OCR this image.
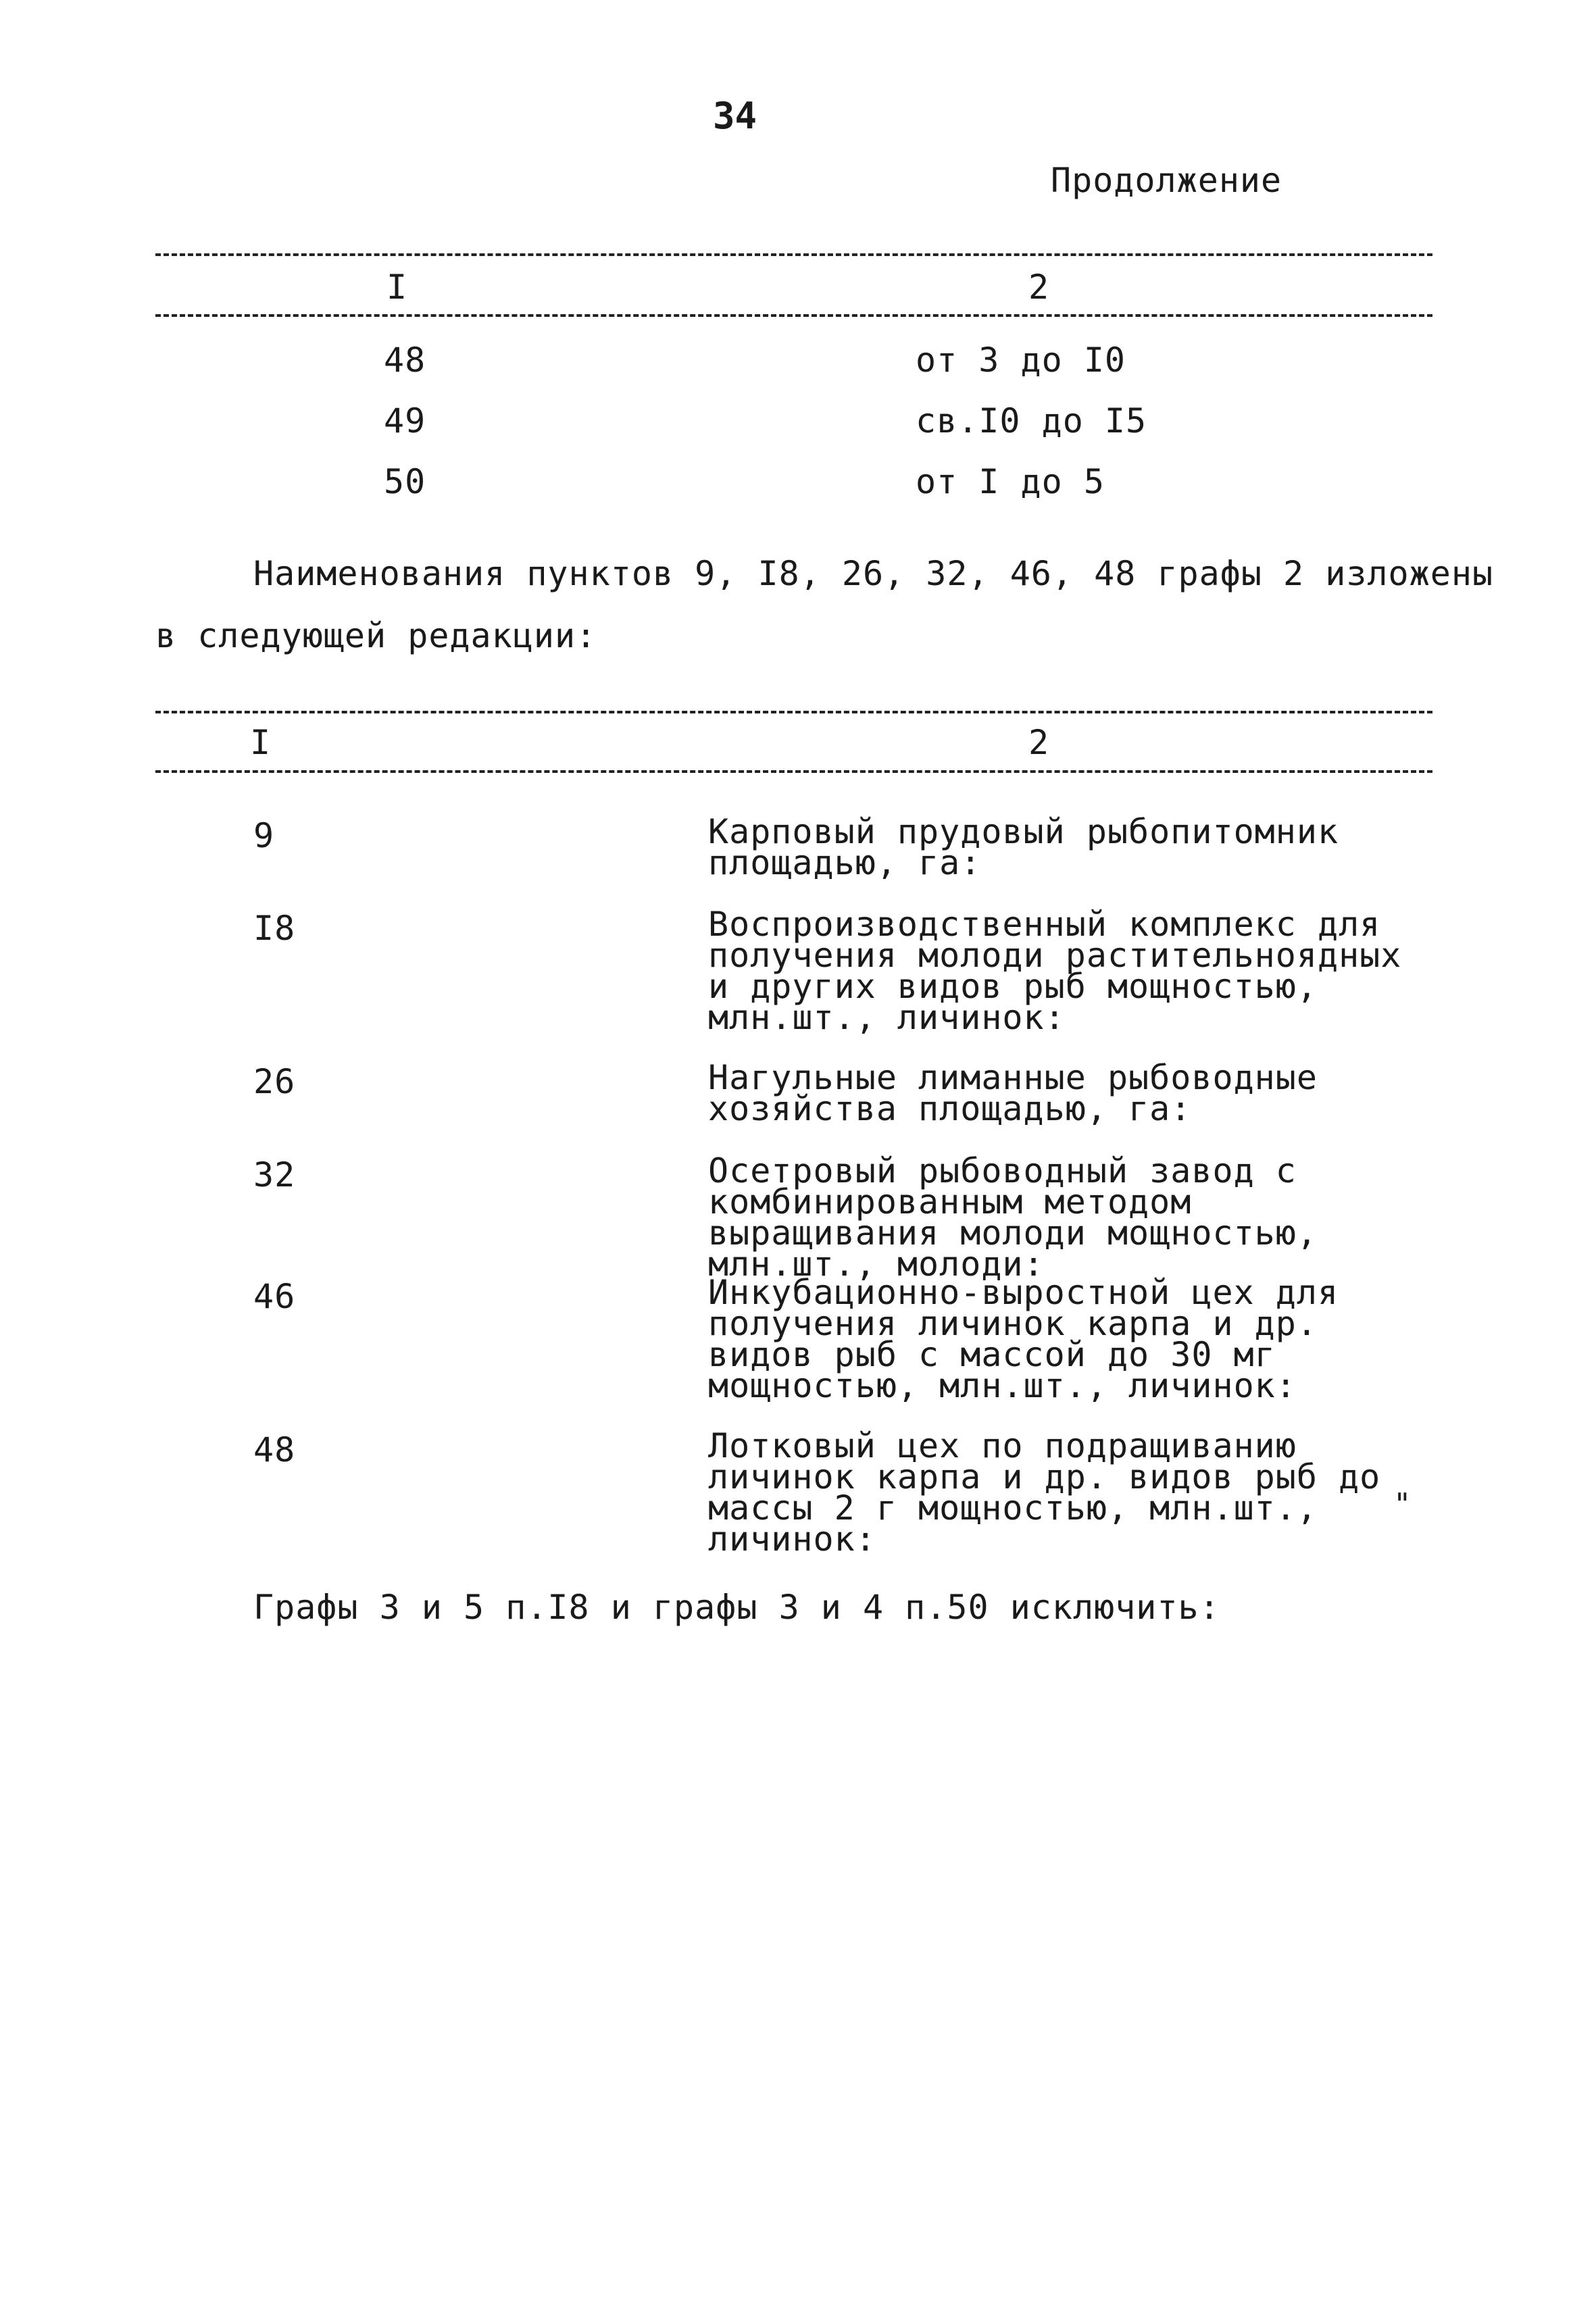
34
Продолжение
I	2
48	от 3 до I0
49	св.I0 до I5
50	от I до 5
Наименования пунктов 9, I8, 26, 32, 46, 48 графы 2 изложены
в следующей редакции:
I	2
9	Карповый прудовый рыбопитомник площадью, га:
I8	Воспроизводственный комплекс для получения молоди растительноядных и других видов рыб мощностью, млн.шт., личинок:
26	Нагульные лиманные рыбоводные хозяйства площадью, га:
32	Осетровый рыбоводный завод с комбинированным методом выращивания молоди мощностью, млн.шт., молоди:
46	Инкубационно-выростной цех для получения личинок карпа и др. видов рыб с массой до 30 мг мощностью, млн.шт., личинок:
48	Лотковый цех по подращиванию личинок карпа и др. видов рыб до массы 2 г мощностью, млн.шт., личинок:
"
Графы 3 и 5 п.I8 и графы 3 и 4 п.50 исключить:
